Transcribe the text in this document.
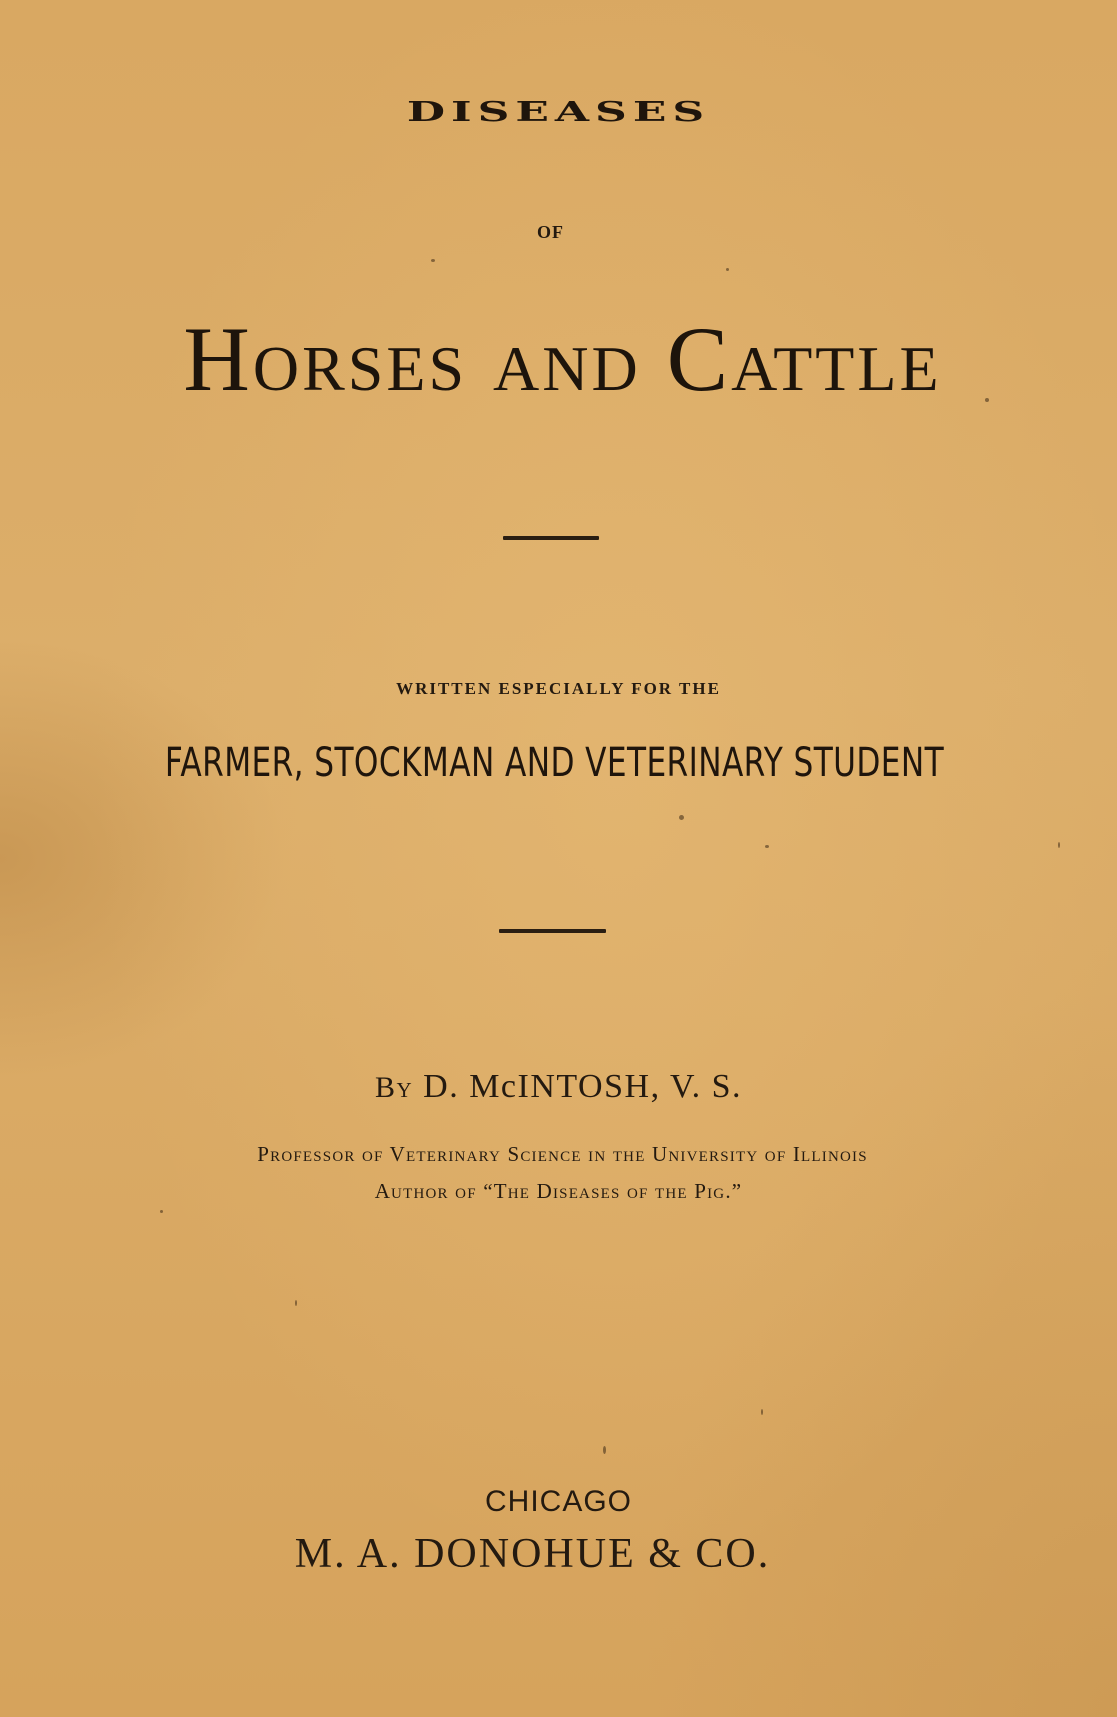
DISEASES
OF
Horses and Cattle
WRITTEN ESPECIALLY FOR THE
FARMER, STOCKMAN AND VETERINARY STUDENT
By D. McINTOSH, V. S.
Professor of Veterinary Science in the University of Illinois
Author of “The Diseases of the Pig.”
CHICAGO
M. A. DONOHUE & CO.
